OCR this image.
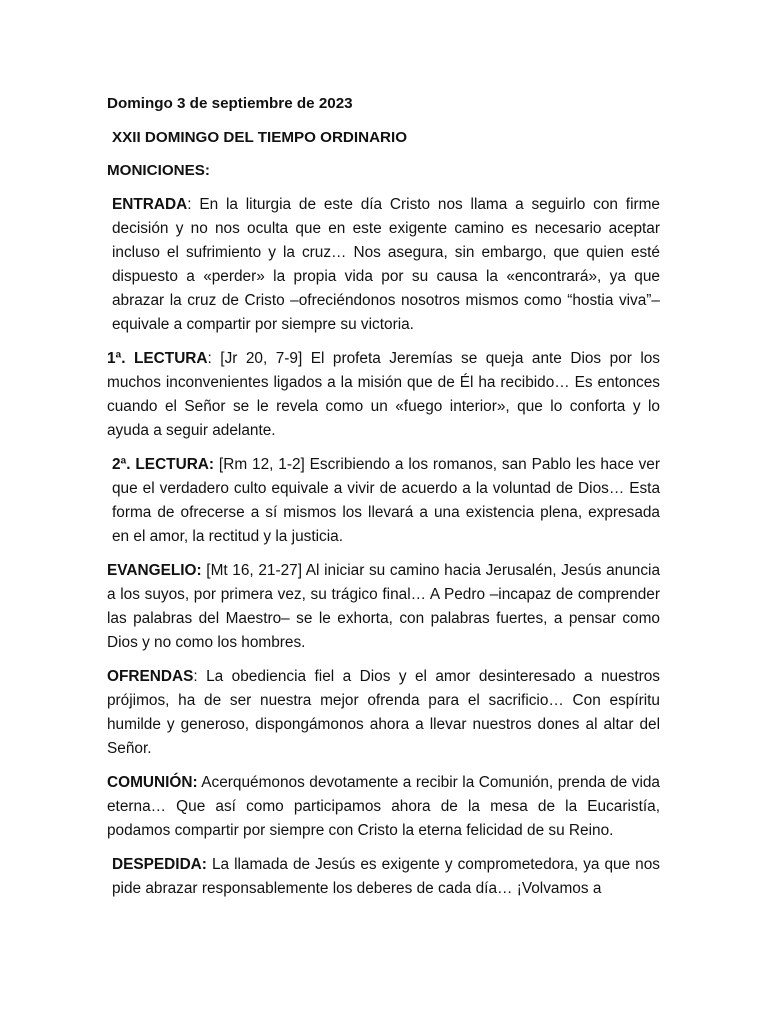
Domingo 3 de septiembre de 2023

XXII DOMINGO DEL TIEMPO ORDINARIO

MONICIONES:

ENTRADA: En la liturgia de este día Cristo nos llama a seguirlo con firme decisión y no nos oculta que en este exigente camino es necesario aceptar incluso el sufrimiento y la cruz… Nos asegura, sin embargo, que quien esté dispuesto a «perder» la propia vida por su causa la «encontrará», ya que abrazar la cruz de Cristo –ofreciéndonos nosotros mismos como “hostia viva”– equivale a compartir por siempre su victoria.

1ª. LECTURA: [Jr 20, 7-9] El profeta Jeremías se queja ante Dios por los muchos inconvenientes ligados a la misión que de Él ha recibido… Es entonces cuando el Señor se le revela como un «fuego interior», que lo conforta y lo ayuda a seguir adelante.

2ª. LECTURA: [Rm 12, 1-2] Escribiendo a los romanos, san Pablo les hace ver que el verdadero culto equivale a vivir de acuerdo a la voluntad de Dios… Esta forma de ofrecerse a sí mismos los llevará a una existencia plena, expresada en el amor, la rectitud y la justicia.

EVANGELIO: [Mt 16, 21-27] Al iniciar su camino hacia Jerusalén, Jesús anuncia a los suyos, por primera vez, su trágico final… A Pedro –incapaz de comprender las palabras del Maestro– se le exhorta, con palabras fuertes, a pensar como Dios y no como los hombres.

OFRENDAS: La obediencia fiel a Dios y el amor desinteresado a nuestros prójimos, ha de ser nuestra mejor ofrenda para el sacrificio… Con espíritu humilde y generoso, dispongámonos ahora a llevar nuestros dones al altar del Señor.

COMUNIÓN: Acerquémonos devotamente a recibir la Comunión, prenda de vida eterna… Que así como participamos ahora de la mesa de la Eucaristía, podamos compartir por siempre con Cristo la eterna felicidad de su Reino.

DESPEDIDA: La llamada de Jesús es exigente y comprometedora, ya que nos pide abrazar responsablemente los deberes de cada día… ¡Volvamos a
